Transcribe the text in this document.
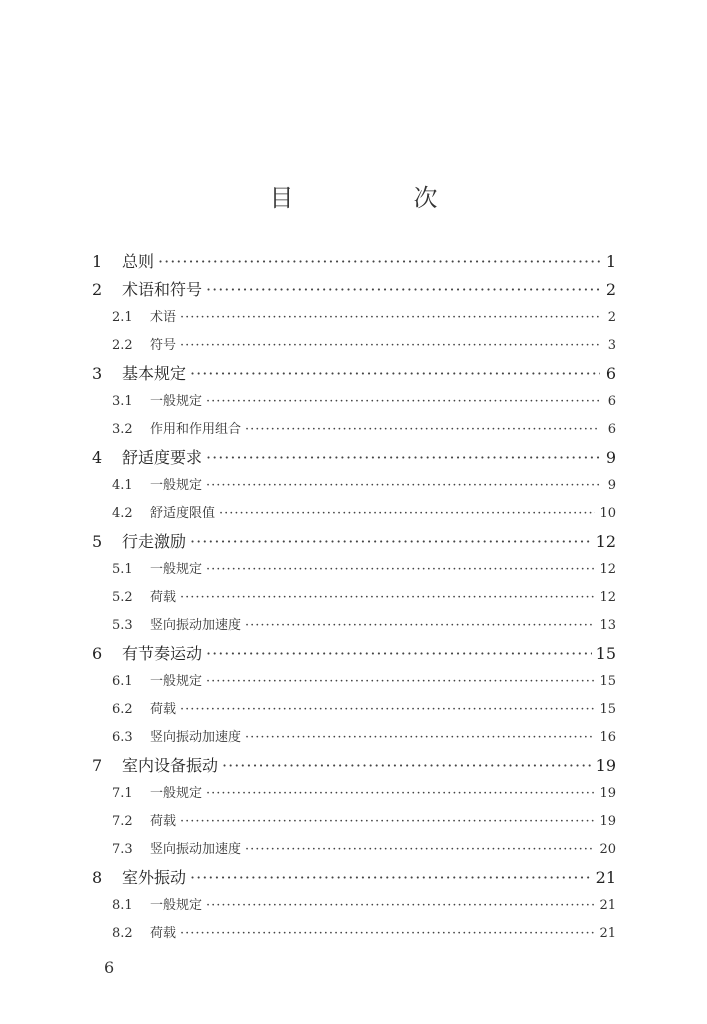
目　次
1	总则 ·····	1
2	术语和符号 ·····	2
2.1	术语 ·····	2
2.2	符号 ·····	3
3	基本规定 ·····	6
3.1	一般规定 ·····	6
3.2	作用和作用组合 ·····	6
4	舒适度要求 ·····	9
4.1	一般规定 ·····	9
4.2	舒适度限值 ·····	10
5	行走激励 ·····	12
5.1	一般规定 ·····	12
5.2	荷载 ·····	12
5.3	竖向振动加速度 ·····	13
6	有节奏运动 ·····	15
6.1	一般规定 ·····	15
6.2	荷载 ·····	15
6.3	竖向振动加速度 ·····	16
7	室内设备振动 ·····	19
7.1	一般规定 ·····	19
7.2	荷载 ·····	19
7.3	竖向振动加速度 ·····	20
8	室外振动 ·····	21
8.1	一般规定 ·····	21
8.2	荷载 ·····	21
6
